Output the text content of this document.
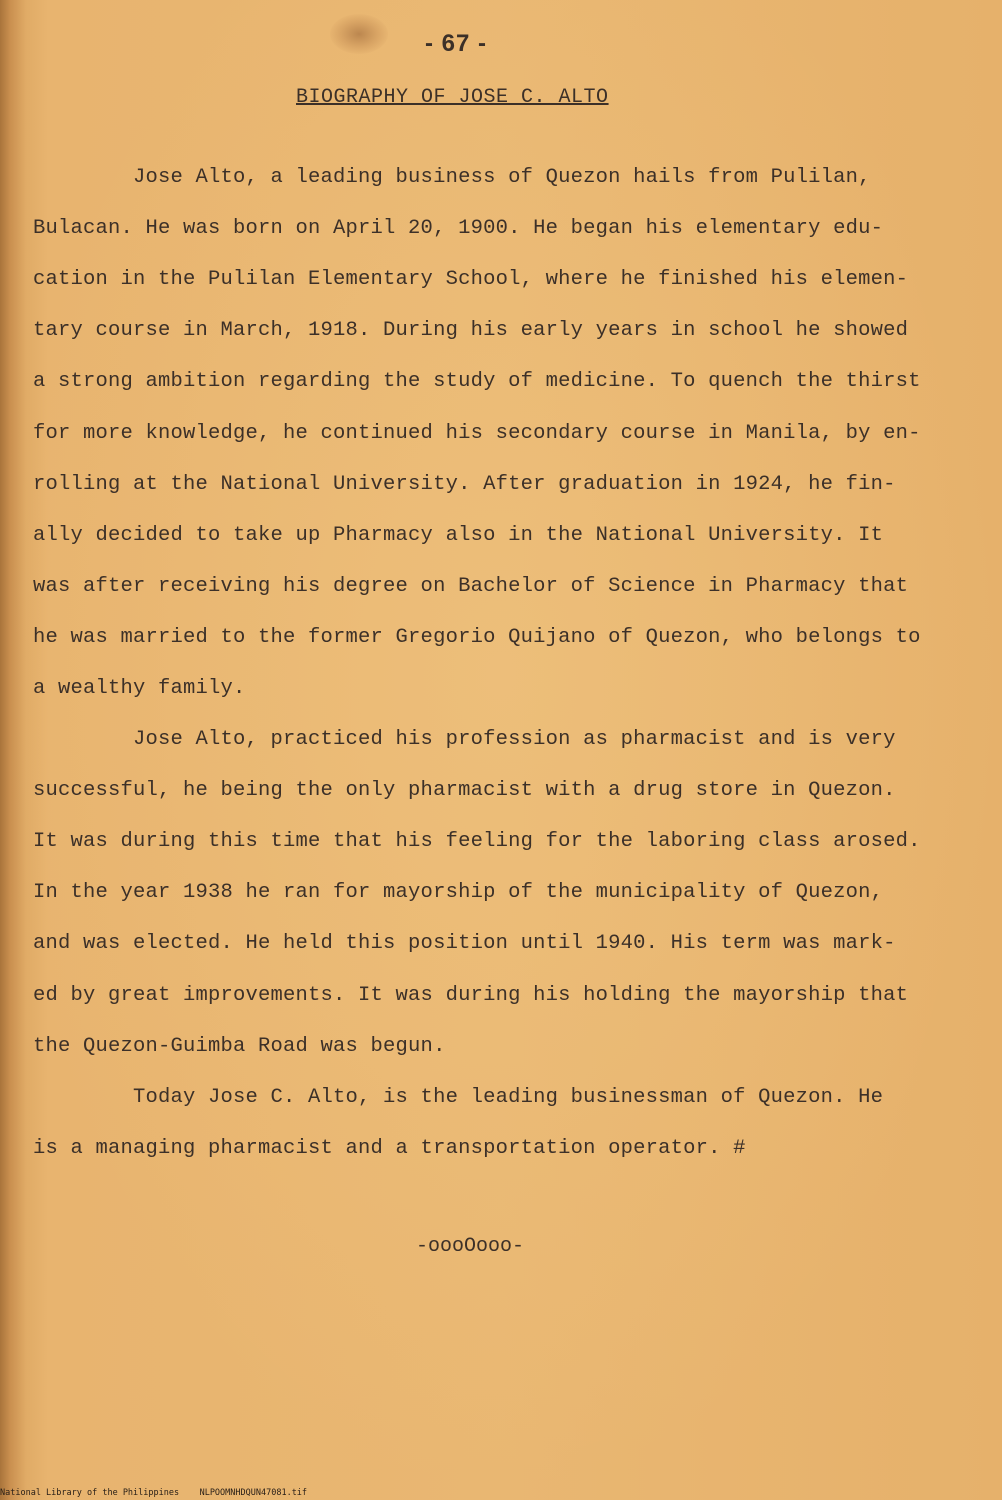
- 67 -
BIOGRAPHY OF JOSE C. ALTO
Jose Alto, a leading business of Quezon hails from Pulilan,
Bulacan. He was born on April 20, 1900. He began his elementary edu-
cation in the Pulilan Elementary School, where he finished his elemen-
tary course in March, 1918. During his early years in school he showed
a strong ambition regarding the study of medicine. To quench the thirst
for more knowledge, he continued his secondary course in Manila, by en-
rolling at the National University. After graduation in 1924, he fin-
ally decided to take up Pharmacy also in the National University. It
was after receiving his degree on Bachelor of Science in Pharmacy that
he was married to the former Gregorio Quijano of Quezon, who belongs to
a wealthy family.
Jose Alto, practiced his profession as pharmacist and is very
successful, he being the only pharmacist with a drug store in Quezon.
It was during this time that his feeling for the laboring class arosed.
In the year 1938 he ran for mayorship of the municipality of Quezon,
and was elected. He held this position until 1940. His term was mark-
ed by great improvements. It was during his holding the mayorship that
the Quezon-Guimba Road was begun.
Today Jose C. Alto, is the leading businessman of Quezon. He
is a managing pharmacist and a transportation operator. #
-oooOooo-
National Library of the Philippines    NLPOOMNHDQUN47081.tif
